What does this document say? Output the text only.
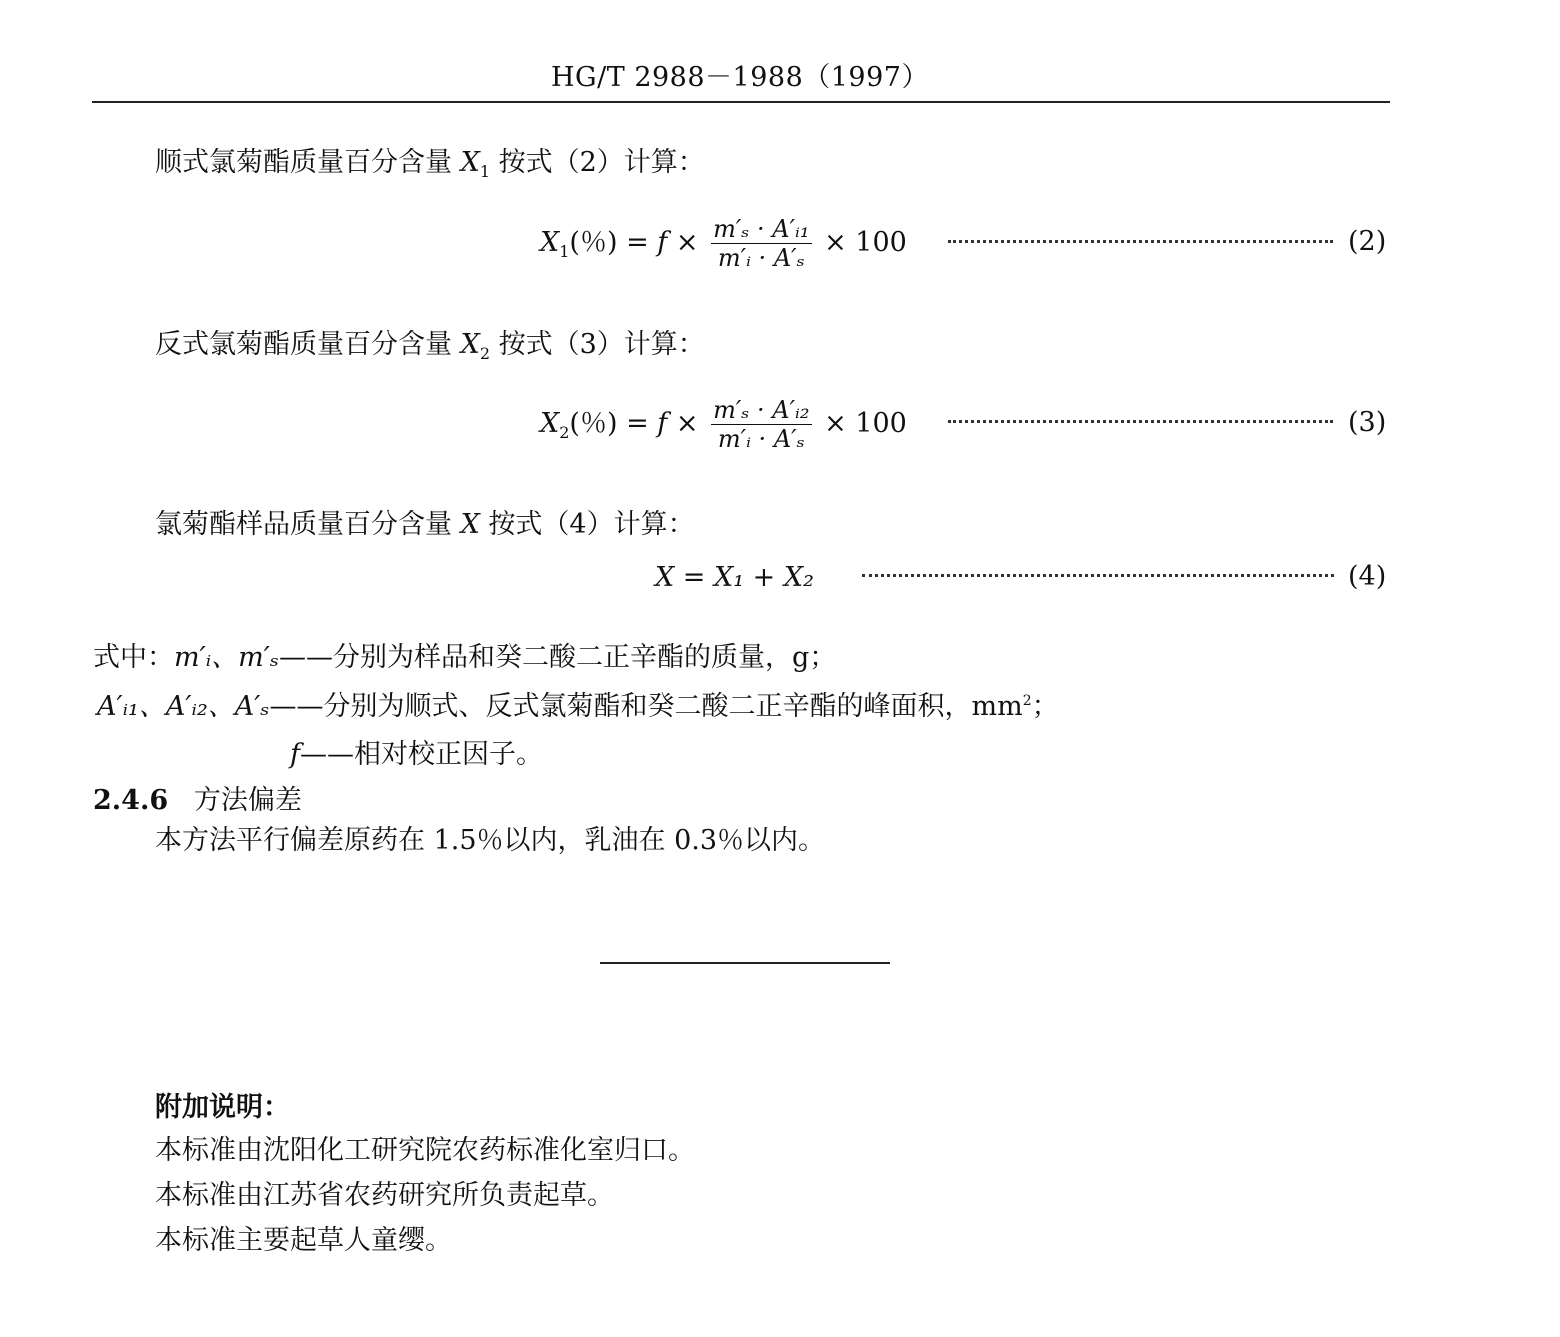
HG/T 2988－1988（1997）
顺式氯菊酯质量百分含量 $X_1$ 按式（2）计算：
$X_1$(％) = $f \times \frac{\text{m′ₛ · A′ᵢ₁}}{\text{m′ᵢ · A′ₛ}} \times 100$	(2)
反式氯菊酯质量百分含量 $X_2$ 按式（3）计算：
$X_2$(％) = $f \times \frac{\text{m′ₛ · A′ᵢ₂}}{\text{m′ᵢ · A′ₛ}} \times 100$	(3)
氯菊酯样品质量百分含量 X 按式（4）计算：
X = X₁ + X₂	(4)
式中：m′ᵢ、m′ₛ——分别为样品和癸二酸二正辛酯的质量，g；
A′ᵢ₁、A′ᵢ₂、A′ₛ——分别为顺式、反式氯菊酯和癸二酸二正辛酯的峰面积，$mm^2$；
f——相对校正因子。
2.4.6 方法偏差
本方法平行偏差原药在 1.5％以内，乳油在 0.3％以内。
附加说明：
本标准由沈阳化工研究院农药标准化室归口。
本标准由江苏省农药研究所负责起草。
本标准主要起草人童缨。
